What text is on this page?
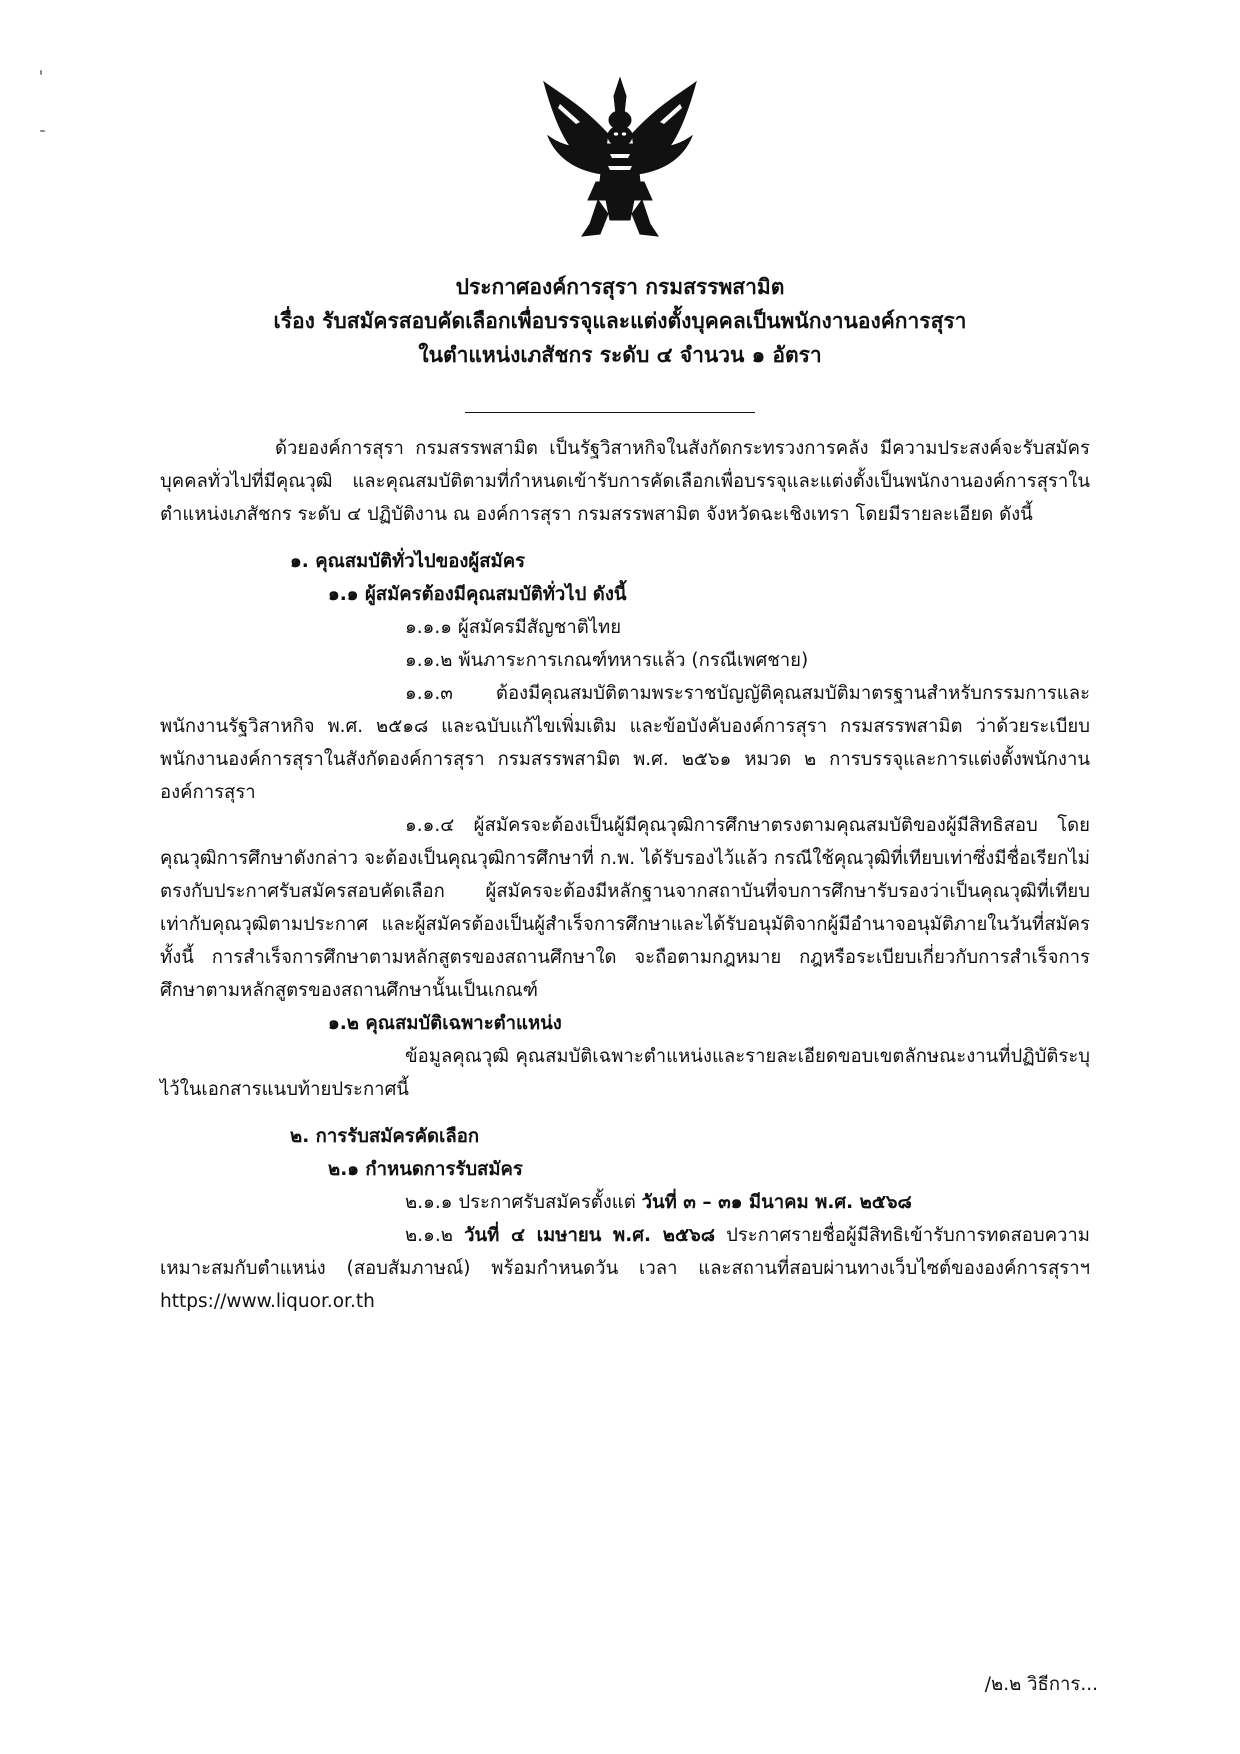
ประกาศองค์การสุรา กรมสรรพสามิต
เรื่อง รับสมัครสอบคัดเลือกเพื่อบรรจุและแต่งตั้งบุคคลเป็นพนักงานองค์การสุรา
ในตำแหน่งเภสัชกร ระดับ ๔ จำนวน ๑ อัตรา

ด้วยองค์การสุรา กรมสรรพสามิต เป็นรัฐวิสาหกิจในสังกัดกระทรวงการคลัง มีความประสงค์จะรับสมัครบุคคลทั่วไปที่มีคุณวุฒิ และคุณสมบัติตามที่กำหนดเข้ารับการคัดเลือกเพื่อบรรจุและแต่งตั้งเป็นพนักงานองค์การสุราในตำแหน่งเภสัชกร ระดับ ๔ ปฏิบัติงาน ณ องค์การสุรา กรมสรรพสามิต จังหวัดฉะเชิงเทรา โดยมีรายละเอียด ดังนี้

๑. คุณสมบัติทั่วไปของผู้สมัคร
๑.๑ ผู้สมัครต้องมีคุณสมบัติทั่วไป ดังนี้
๑.๑.๑ ผู้สมัครมีสัญชาติไทย
๑.๑.๒ พ้นภาระการเกณฑ์ทหารแล้ว (กรณีเพศชาย)

๑.๑.๓ ต้องมีคุณสมบัติตามพระราชบัญญัติคุณสมบัติมาตรฐานสำหรับกรรมการและพนักงานรัฐวิสาหกิจ พ.ศ. ๒๕๑๘ และฉบับแก้ไขเพิ่มเติม และข้อบังคับองค์การสุรา กรมสรรพสามิต ว่าด้วยระเบียบพนักงานองค์การสุราในสังกัดองค์การสุรา กรมสรรพสามิต พ.ศ. ๒๕๖๑ หมวด ๒ การบรรจุและการแต่งตั้งพนักงานองค์การสุรา

๑.๑.๔ ผู้สมัครจะต้องเป็นผู้มีคุณวุฒิการศึกษาตรงตามคุณสมบัติของผู้มีสิทธิสอบ โดยคุณวุฒิการศึกษาดังกล่าว จะต้องเป็นคุณวุฒิการศึกษาที่ ก.พ. ได้รับรองไว้แล้ว กรณีใช้คุณวุฒิที่เทียบเท่าซึ่งมีชื่อเรียกไม่ตรงกับประกาศรับสมัครสอบคัดเลือก ผู้สมัครจะต้องมีหลักฐานจากสถาบันที่จบการศึกษารับรองว่าเป็นคุณวุฒิที่เทียบเท่ากับคุณวุฒิตามประกาศ และผู้สมัครต้องเป็นผู้สำเร็จการศึกษาและได้รับอนุมัติจากผู้มีอำนาจอนุมัติภายในวันที่สมัคร ทั้งนี้ การสำเร็จการศึกษาตามหลักสูตรของสถานศึกษาใด จะถือตามกฎหมาย กฎหรือระเบียบเกี่ยวกับการสำเร็จการศึกษาตามหลักสูตรของสถานศึกษานั้นเป็นเกณฑ์

๑.๒ คุณสมบัติเฉพาะตำแหน่ง

ข้อมูลคุณวุฒิ คุณสมบัติเฉพาะตำแหน่งและรายละเอียดขอบเขตลักษณะงานที่ปฏิบัติระบุไว้ในเอกสารแนบท้ายประกาศนี้

๒. การรับสมัครคัดเลือก
๒.๑ กำหนดการรับสมัคร
๒.๑.๑ ประกาศรับสมัครตั้งแต่ วันที่ ๓ – ๓๑ มีนาคม พ.ศ. ๒๕๖๘

๒.๑.๒ วันที่ ๔ เมษายน พ.ศ. ๒๕๖๘ ประกาศรายชื่อผู้มีสิทธิเข้ารับการทดสอบความเหมาะสมกับตำแหน่ง (สอบสัมภาษณ์) พร้อมกำหนดวัน เวลา และสถานที่สอบผ่านทางเว็บไซต์ขององค์การสุราฯ https://www.liquor.or.th

/๒.๒ วิธีการ...
